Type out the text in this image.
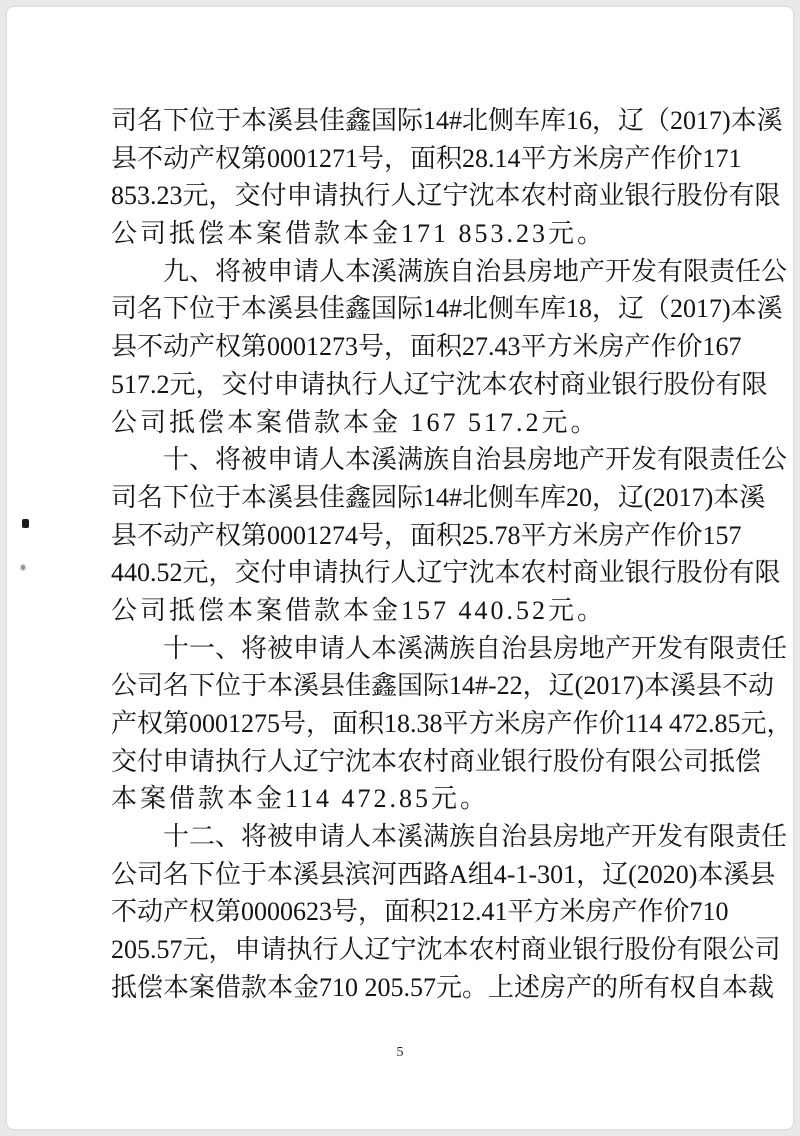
司名下位于本溪县佳鑫国际14#北侧车库16，辽（2017)本溪
县不动产权第0001271号，面积28.14平方米房产作价171
853.23元，交付申请执行人辽宁沈本农村商业银行股份有限
公司抵偿本案借款本金171 853.23元。
九、将被申请人本溪满族自治县房地产开发有限责任公
司名下位于本溪县佳鑫国际14#北侧车库18，辽（2017)本溪
县不动产权第0001273号，面积27.43平方米房产作价167
517.2元，交付申请执行人辽宁沈本农村商业银行股份有限
公司抵偿本案借款本金 167 517.2元。
十、将被申请人本溪满族自治县房地产开发有限责任公
司名下位于本溪县佳鑫园际14#北侧车库20，辽(2017)本溪
县不动产权第0001274号，面积25.78平方米房产作价157
440.52元，交付申请执行人辽宁沈本农村商业银行股份有限
公司抵偿本案借款本金157 440.52元。
十一、将被申请人本溪满族自治县房地产开发有限责任
公司名下位于本溪县佳鑫国际14#-22，辽(2017)本溪县不动
产权第0001275号，面积18.38平方米房产作价114 472.85元，
交付申请执行人辽宁沈本农村商业银行股份有限公司抵偿
本案借款本金114 472.85元。
十二、将被申请人本溪满族自治县房地产开发有限责任
公司名下位于本溪县滨河西路A组4-1-301，辽(2020)本溪县
不动产权第0000623号，面积212.41平方米房产作价710
205.57元，申请执行人辽宁沈本农村商业银行股份有限公司
抵偿本案借款本金710 205.57元。上述房产的所有权自本裁
5
